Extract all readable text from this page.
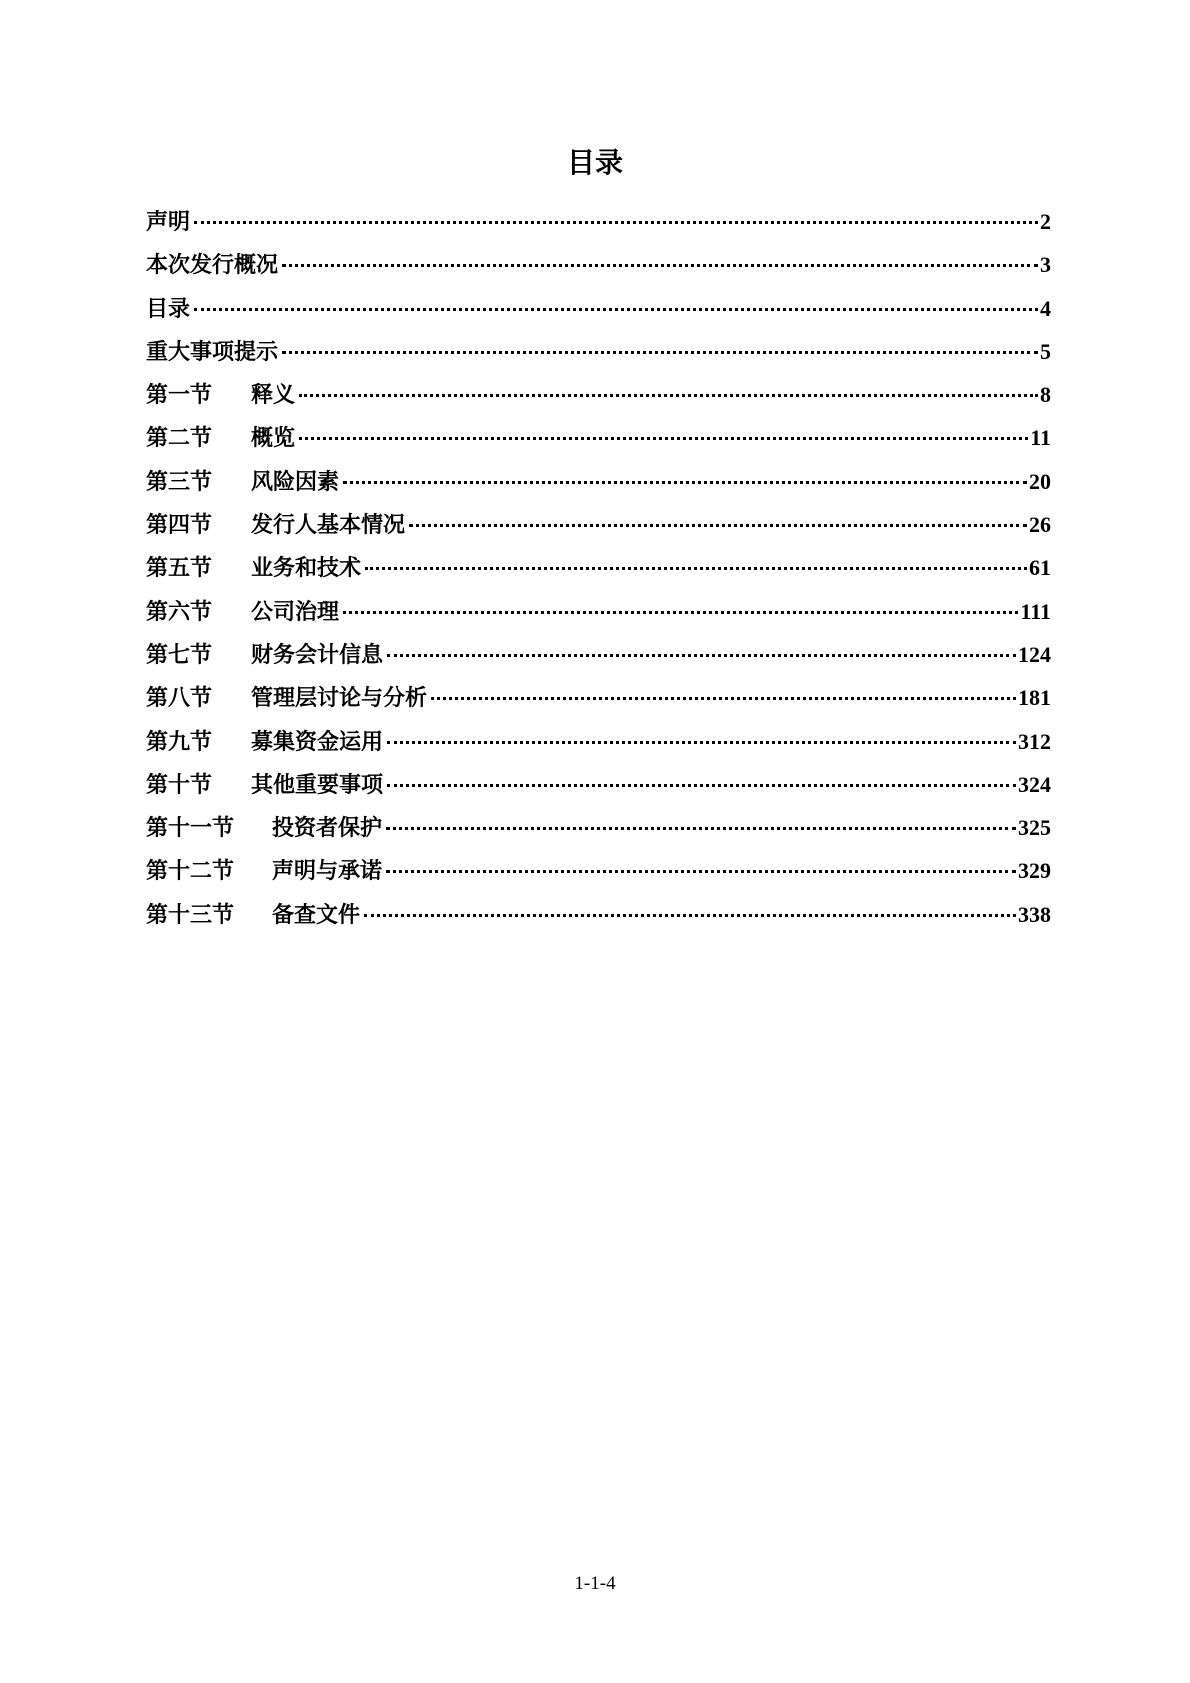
目录
声明	2
本次发行概况	3
目录	4
重大事项提示	5
第一节 释义	8
第二节 概览	11
第三节 风险因素	20
第四节 发行人基本情况	26
第五节 业务和技术	61
第六节 公司治理	111
第七节 财务会计信息	124
第八节 管理层讨论与分析	181
第九节 募集资金运用	312
第十节 其他重要事项	324
第十一节 投资者保护	325
第十二节 声明与承诺	329
第十三节 备查文件	338
1-1-4
